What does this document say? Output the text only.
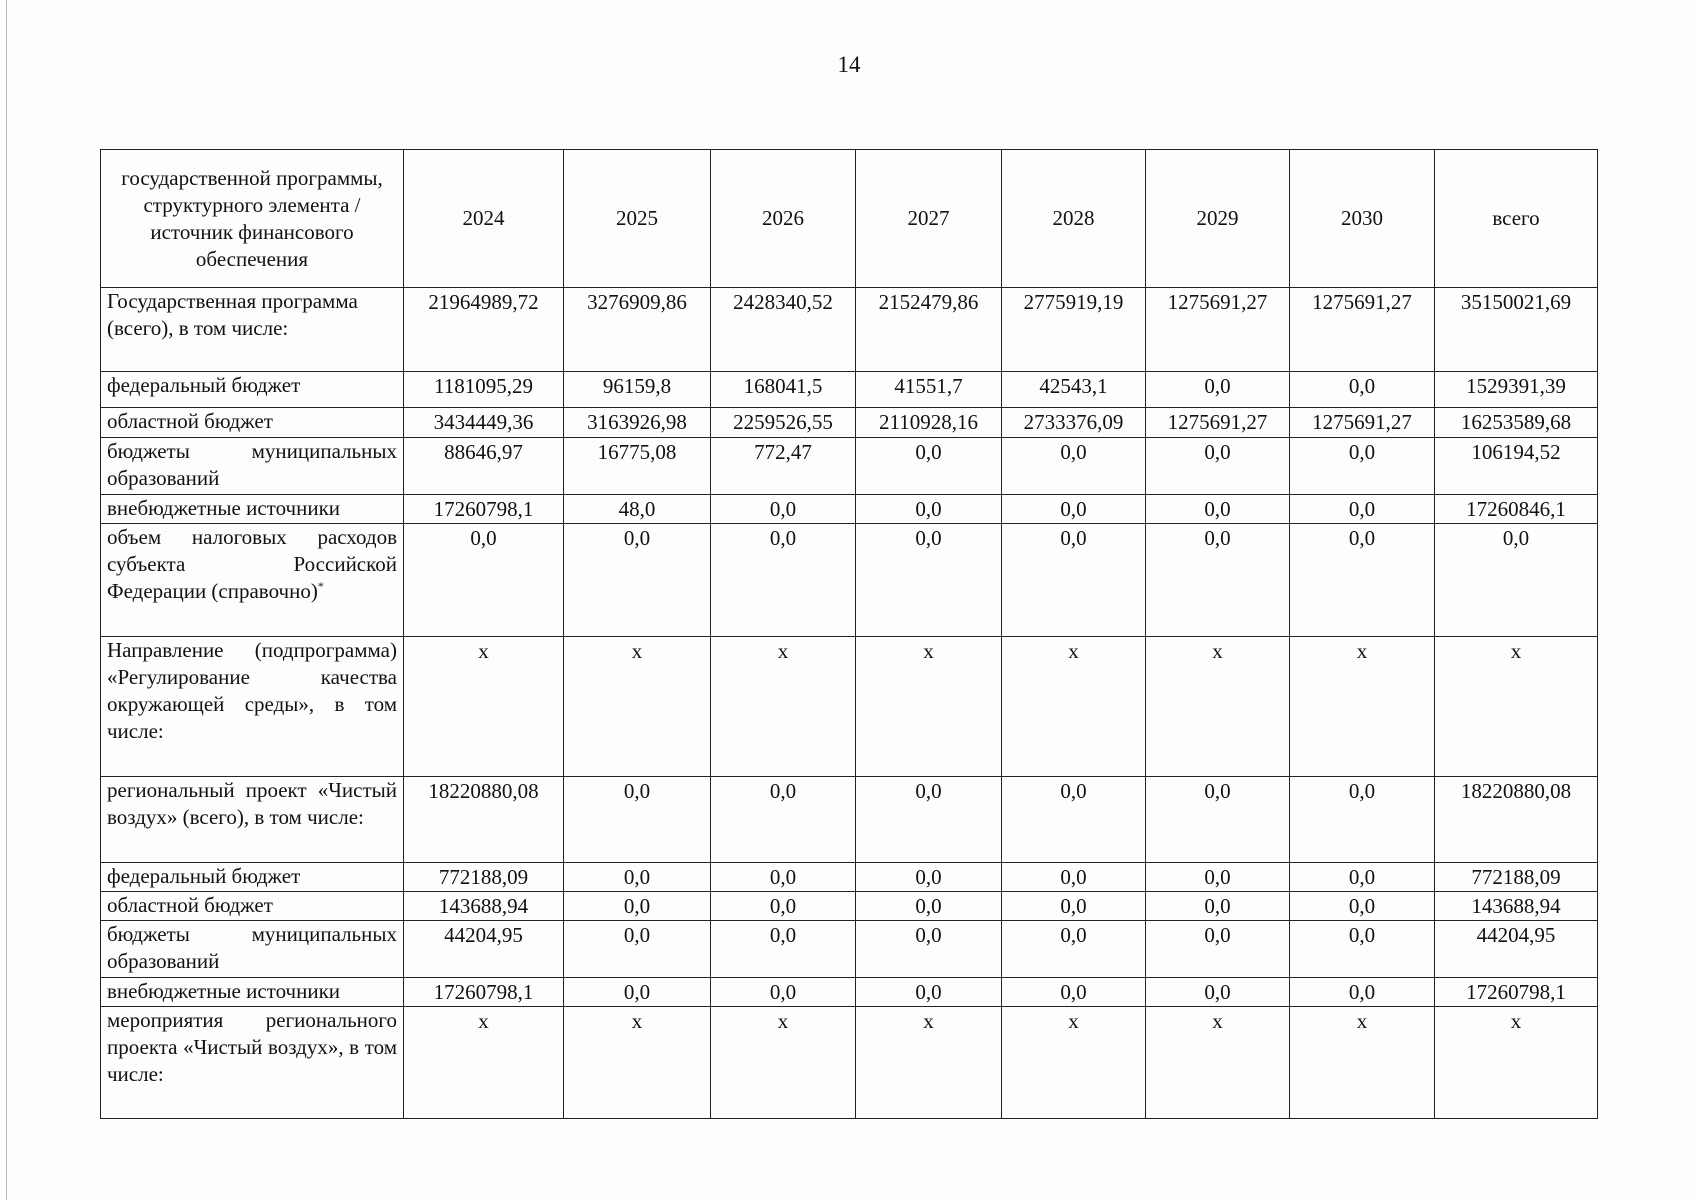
14
государственной программы, структурного элемента / источник финансового обеспечения	2024	2025	2026	2027	2028	2029	2030	всего
Государственная программа (всего), в том числе:	21964989,72	3276909,86	2428340,52	2152479,86	2775919,19	1275691,27	1275691,27	35150021,69
федеральный бюджет	1181095,29	96159,8	168041,5	41551,7	42543,1	0,0	0,0	1529391,39
областной бюджет	3434449,36	3163926,98	2259526,55	2110928,16	2733376,09	1275691,27	1275691,27	16253589,68
бюджеты муниципальных образований	88646,97	16775,08	772,47	0,0	0,0	0,0	0,0	106194,52
внебюджетные источники	17260798,1	48,0	0,0	0,0	0,0	0,0	0,0	17260846,1
объем налоговых расходов субъекта Российской Федерации (справочно)*	0,0	0,0	0,0	0,0	0,0	0,0	0,0	0,0
Направление (подпрограмма) «Регулирование качества окружающей среды», в том числе:	х	х	х	х	х	х	х	х
региональный проект «Чистый воздух» (всего), в том числе:	18220880,08	0,0	0,0	0,0	0,0	0,0	0,0	18220880,08
федеральный бюджет	772188,09	0,0	0,0	0,0	0,0	0,0	0,0	772188,09
областной бюджет	143688,94	0,0	0,0	0,0	0,0	0,0	0,0	143688,94
бюджеты муниципальных образований	44204,95	0,0	0,0	0,0	0,0	0,0	0,0	44204,95
внебюджетные источники	17260798,1	0,0	0,0	0,0	0,0	0,0	0,0	17260798,1
мероприятия регионального проекта «Чистый воздух», в том числе:	х	х	х	х	х	х	х	х
